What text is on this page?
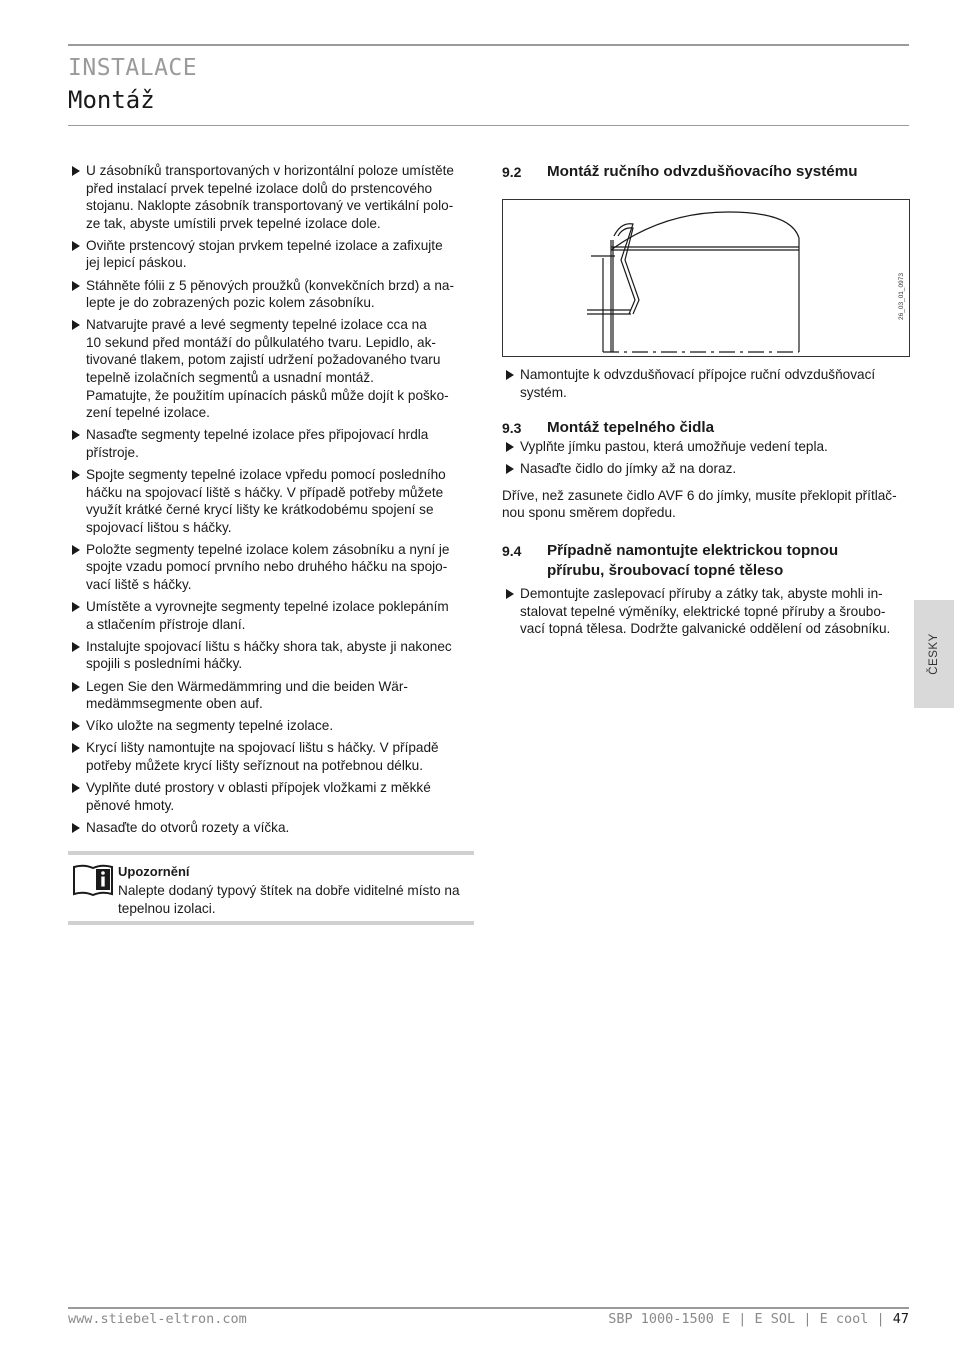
INSTALACE
Montáž
U zásobníků transportovaných v horizontální poloze umístěte
před instalací prvek tepelné izolace dolů do prstencového
stojanu. Naklopte zásobník transportovaný ve vertikální polo-
ze tak, abyste umístili prvek tepelné izolace dole.
Oviňte prstencový stojan prvkem tepelné izolace a zafixujte
jej lepicí páskou.
Stáhněte fólii z 5 pěnových proužků (konvekčních brzd) a na-
lepte je do zobrazených pozic kolem zásobníku.
Natvarujte pravé a levé segmenty tepelné izolace cca na
10 sekund před montáží do půlkulatého tvaru. Lepidlo, ak-
tivované tlakem, potom zajistí udržení požadovaného tvaru
tepelně izolačních segmentů a usnadní montáž.
Pamatujte, že použitím upínacích pásků může dojít k poško-
zení tepelné izolace.
Nasaďte segmenty tepelné izolace přes připojovací hrdla
přístroje.
Spojte segmenty tepelné izolace vpředu pomocí posledního
háčku na spojovací liště s háčky. V případě potřeby můžete
využít krátké černé krycí lišty ke krátkodobému spojení se
spojovací lištou s háčky.
Položte segmenty tepelné izolace kolem zásobníku a nyní je
spojte vzadu pomocí prvního nebo druhého háčku na spojo-
vací liště s háčky.
Umístěte a vyrovnejte segmenty tepelné izolace poklepáním
a stlačením přístroje dlaní.
Instalujte spojovací lištu s háčky shora tak, abyste ji nakonec
spojili s posledními háčky.
Legen Sie den Wärmedämmring und die beiden Wär-
medämmsegmente oben auf.
Víko uložte na segmenty tepelné izolace.
Krycí lišty namontujte na spojovací lištu s háčky. V případě
potřeby můžete krycí lišty seříznout na potřebnou délku.
Vyplňte duté prostory v oblasti přípojek vložkami z měkké
pěnové hmoty.
Nasaďte do otvorů rozety a víčka.
Upozornění
Nalepte dodaný typový štítek na dobře viditelné místo na
tepelnou izolaci.
9.2 Montáž ručního odvzdušňovacího systému
26_03_01_0973
Namontujte k odvzdušňovací přípojce ruční odvzdušňovací
systém.
9.3 Montáž tepelného čidla
Vyplňte jímku pastou, která umožňuje vedení tepla.
Nasaďte čidlo do jímky až na doraz.

Dříve, než zasunete čidlo AVF 6 do jímky, musíte překlopit přítlač-
nou sponu směrem dopředu.

9.4 Případně namontujte elektrickou topnou
přírubu, šroubovací topné těleso
Demontujte zaslepovací příruby a zátky tak, abyste mohli in-
stalovat tepelné výměníky, elektrické topné příruby a šroubo-
vací topná tělesa. Dodržte galvanické oddělení od zásobníku.
ČESKY
www.stiebel-eltron.com	SBP 1000-1500 E | E SOL | E cool | 47
